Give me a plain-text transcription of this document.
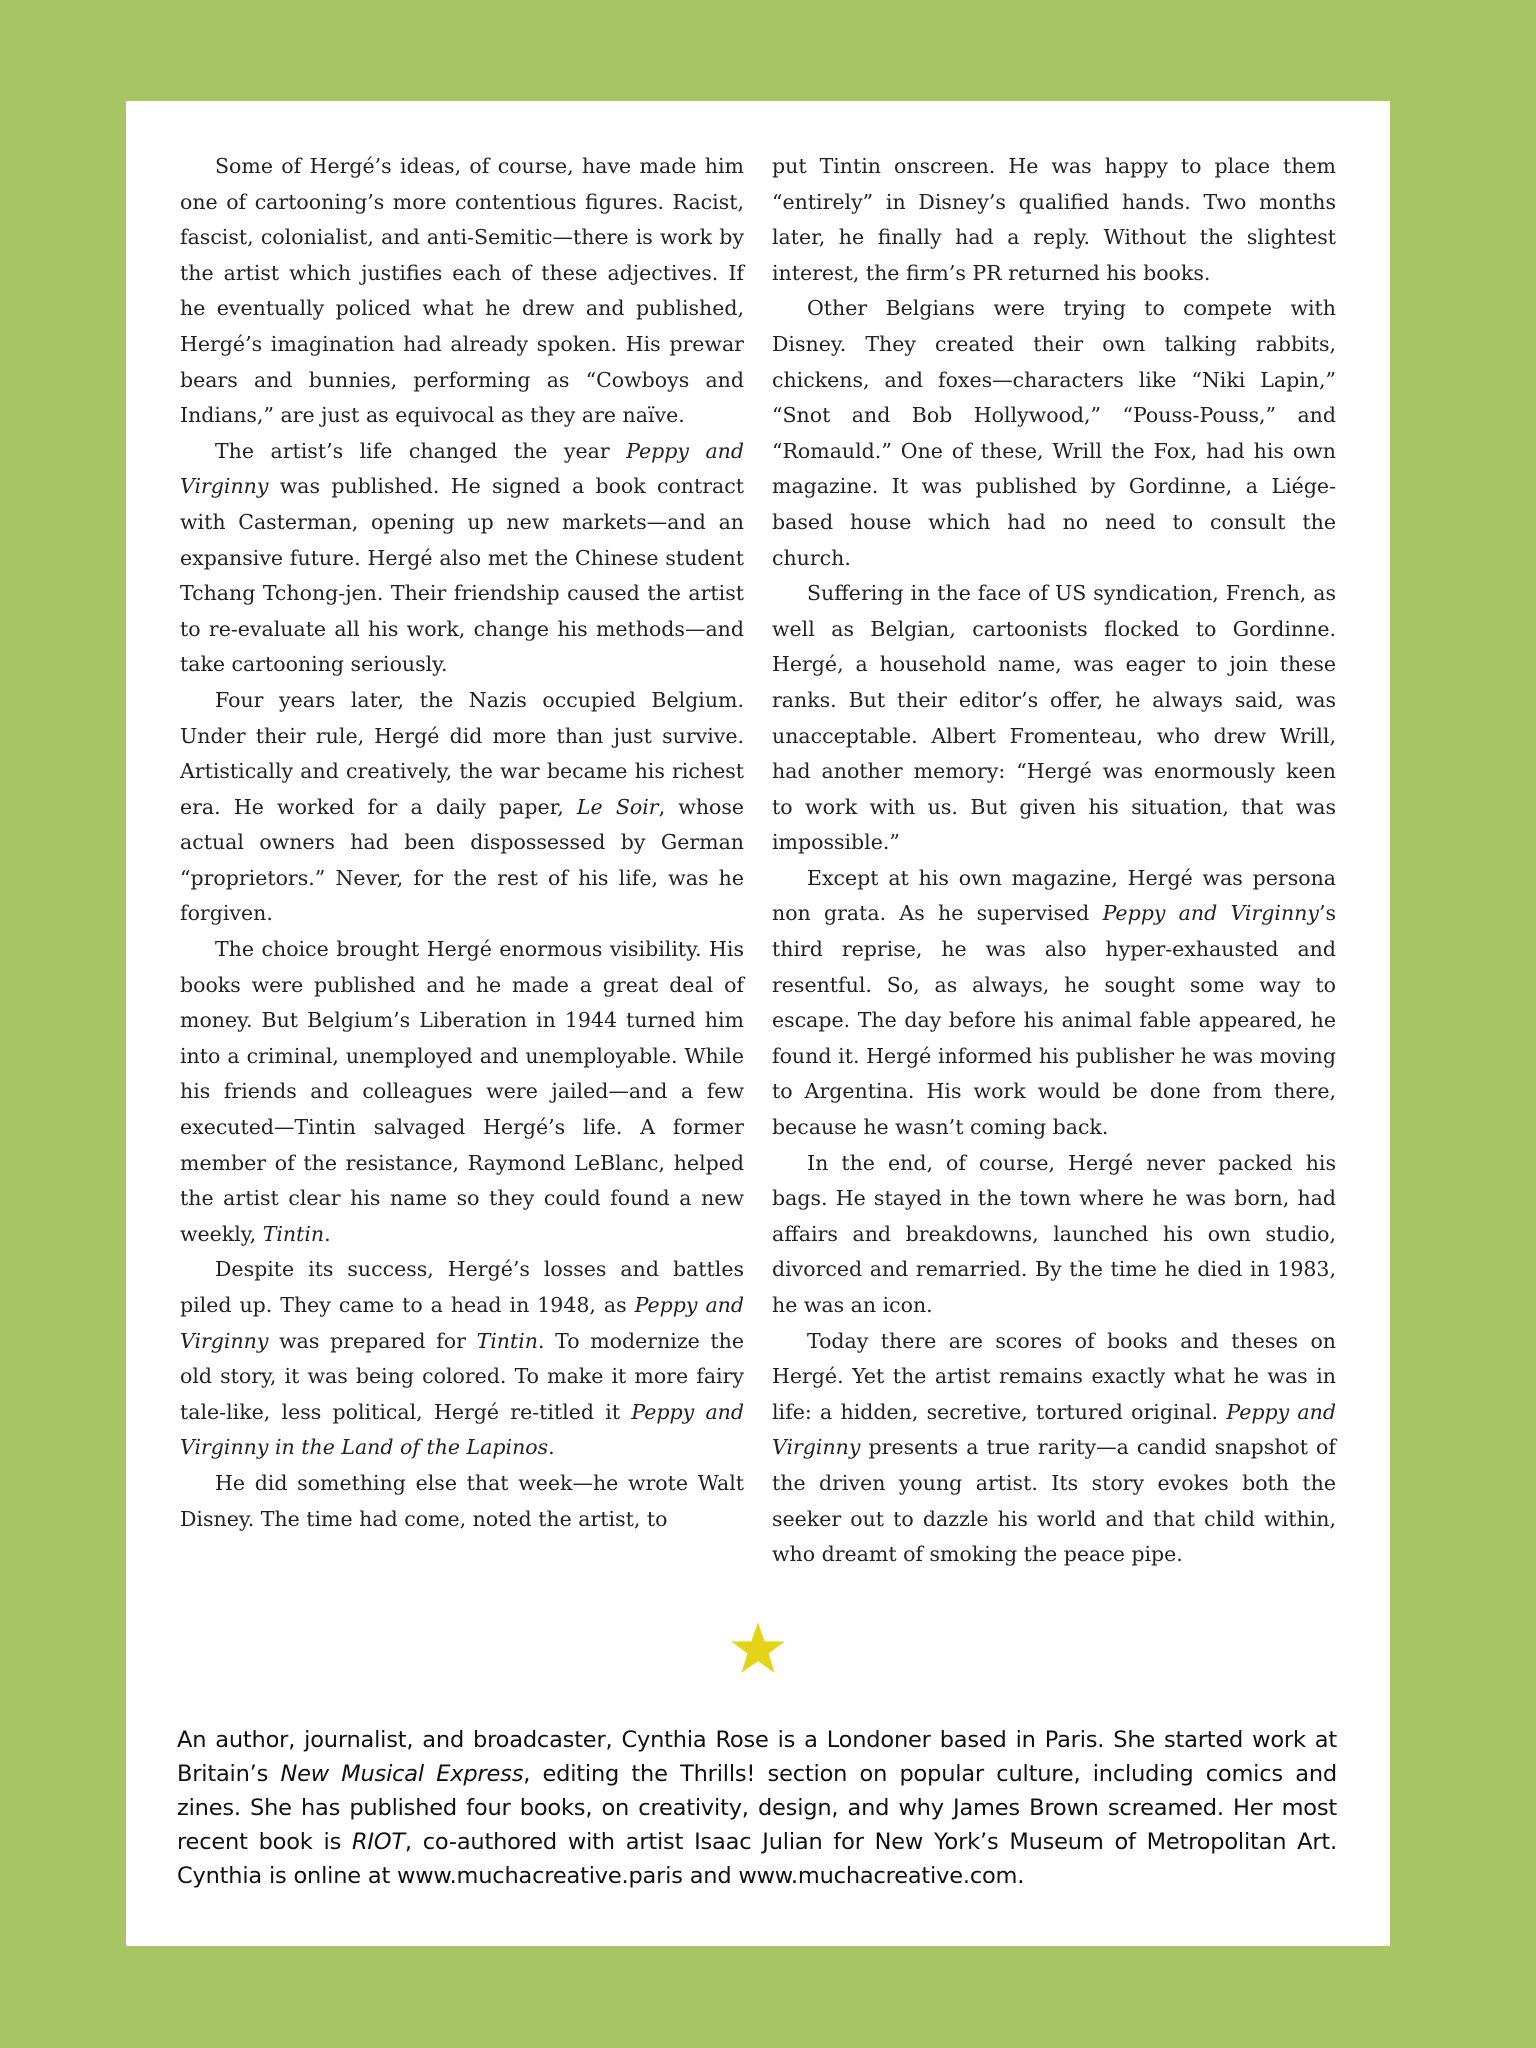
Some of Hergé’s ideas, of course, have made him one of cartooning’s more contentious figures. Racist, fascist, colonialist, and anti-Semitic—there is work by the artist which justifies each of these adjectives. If he eventually policed what he drew and published, Hergé’s imagination had already spoken. His prewar bears and bunnies, performing as “Cowboys and Indians,” are just as equivocal as they are naïve.

The artist’s life changed the year Peppy and Virginny was published. He signed a book contract with Casterman, opening up new markets—and an expansive future. Hergé also met the Chinese student Tchang Tchong-jen. Their friendship caused the artist to re-evaluate all his work, change his methods—and take cartooning seriously.

Four years later, the Nazis occupied Belgium. Under their rule, Hergé did more than just survive. Artistically and creatively, the war became his richest era. He worked for a daily paper, Le Soir, whose actual owners had been dispossessed by German “proprietors.” Never, for the rest of his life, was he forgiven.

The choice brought Hergé enormous visibility. His books were published and he made a great deal of money. But Belgium’s Liberation in 1944 turned him into a criminal, unemployed and unemployable. While his friends and colleagues were jailed—and a few executed—Tintin salvaged Hergé’s life. A former member of the resistance, Raymond LeBlanc, helped the artist clear his name so they could found a new weekly, Tintin.

Despite its success, Hergé’s losses and battles piled up. They came to a head in 1948, as Peppy and Virginny was prepared for Tintin. To modernize the old story, it was being colored. To make it more fairy tale-like, less political, Hergé re-titled it Peppy and Virginny in the Land of the Lapinos.

He did something else that week—he wrote Walt Disney. The time had come, noted the artist, to

put Tintin onscreen. He was happy to place them “entirely” in Disney’s qualified hands. Two months later, he finally had a reply. Without the slightest interest, the firm’s PR returned his books.

Other Belgians were trying to compete with Disney. They created their own talking rabbits, chickens, and foxes—characters like “Niki Lapin,” “Snot and Bob Hollywood,” “Pouss-Pouss,” and “Romauld.” One of these, Wrill the Fox, had his own magazine. It was published by Gordinne, a Liége-based house which had no need to consult the church.

Suffering in the face of US syndication, French, as well as Belgian, cartoonists flocked to Gordinne. Hergé, a household name, was eager to join these ranks. But their editor’s offer, he always said, was unacceptable. Albert Fromenteau, who drew Wrill, had another memory: “Hergé was enormously keen to work with us. But given his situation, that was impossible.”

Except at his own magazine, Hergé was persona non grata. As he supervised Peppy and Virginny’s third reprise, he was also hyper-exhausted and resentful. So, as always, he sought some way to escape. The day before his animal fable appeared, he found it. Hergé informed his publisher he was moving to Argentina. His work would be done from there, because he wasn’t coming back.

In the end, of course, Hergé never packed his bags. He stayed in the town where he was born, had affairs and breakdowns, launched his own studio, divorced and remarried. By the time he died in 1983, he was an icon.

Today there are scores of books and theses on Hergé. Yet the artist remains exactly what he was in life: a hidden, secretive, tortured original. Peppy and Virginny presents a true rarity—a candid snapshot of the driven young artist. Its story evokes both the seeker out to dazzle his world and that child within, who dreamt of smoking the peace pipe.

An author, journalist, and broadcaster, Cynthia Rose is a Londoner based in Paris. She started work at Britain’s New Musical Express, editing the Thrills! section on popular culture, including comics and zines. She has published four books, on creativity, design, and why James Brown screamed. Her most recent book is RIOT, co-authored with artist Isaac Julian for New York’s Museum of Metropolitan Art. Cynthia is online at www.muchacreative.paris and www.muchacreative.com.
